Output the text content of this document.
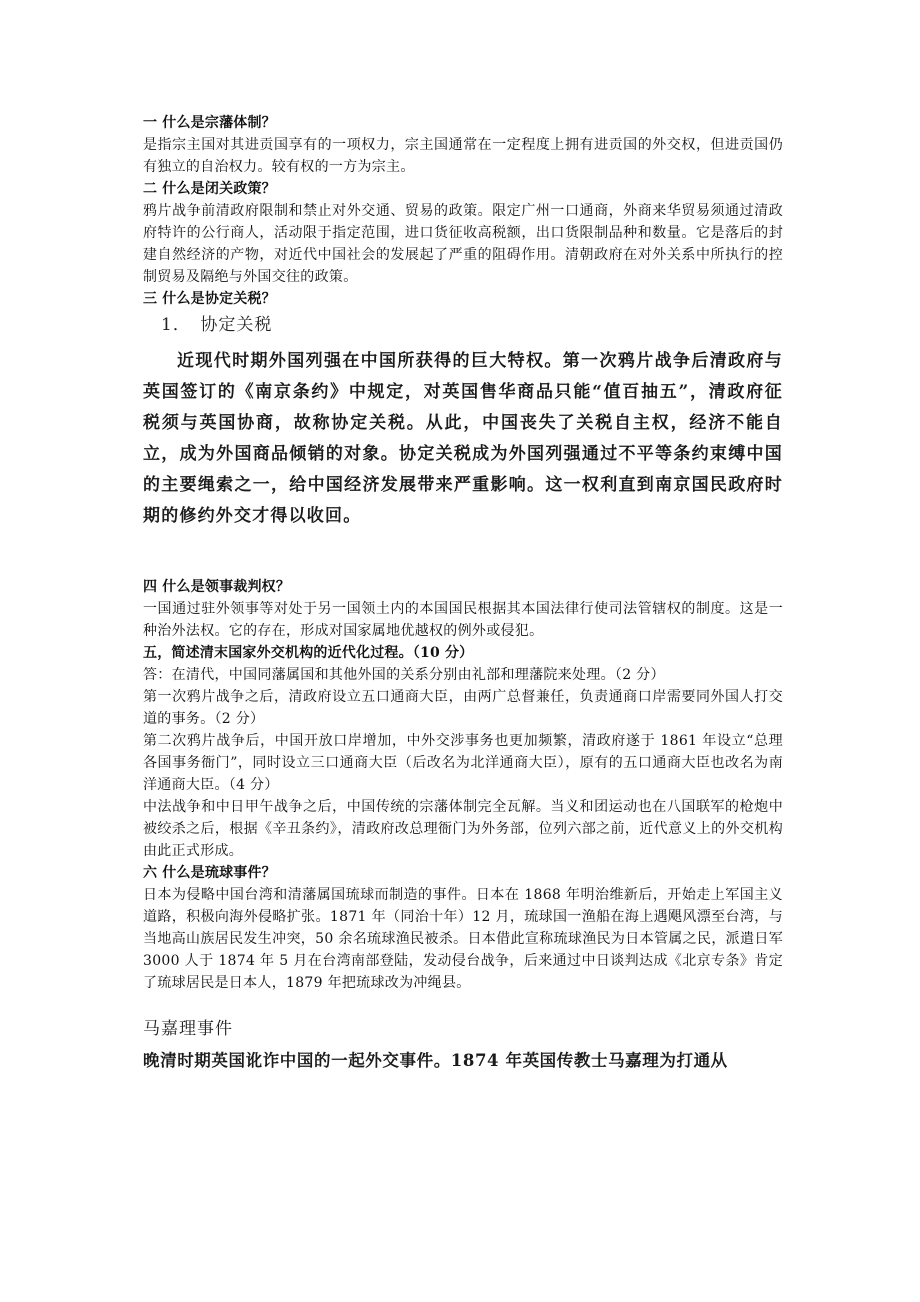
一 什么是宗藩体制？

是指宗主国对其进贡国享有的一项权力，宗主国通常在一定程度上拥有进贡国的外交权，但进贡国仍有独立的自治权力。较有权的一方为宗主。

二 什么是闭关政策？

鸦片战争前清政府限制和禁止对外交通、贸易的政策。限定广州一口通商，外商来华贸易须通过清政府特许的公行商人，活动限于指定范围，进口货征收高税额，出口货限制品种和数量。它是落后的封建自然经济的产物，对近代中国社会的发展起了严重的阻碍作用。清朝政府在对外关系中所执行的控制贸易及隔绝与外国交往的政策。

三 什么是协定关税？

1．　协定关税

近现代时期外国列强在中国所获得的巨大特权。第一次鸦片战争后清政府与英国签订的《南京条约》中规定，对英国售华商品只能“值百抽五”，清政府征税须与英国协商，故称协定关税。从此，中国丧失了关税自主权，经济不能自立，成为外国商品倾销的对象。协定关税成为外国列强通过不平等条约束缚中国的主要绳索之一，给中国经济发展带来严重影响。这一权利直到南京国民政府时期的修约外交才得以收回。

四 什么是领事裁判权？

一国通过驻外领事等对处于另一国领土内的本国国民根据其本国法律行使司法管辖权的制度。这是一种治外法权。它的存在，形成对国家属地优越权的例外或侵犯。

五，简述清末国家外交机构的近代化过程。（10 分）

答：在清代，中国同藩属国和其他外国的关系分别由礼部和理藩院来处理。（2 分）

第一次鸦片战争之后，清政府设立五口通商大臣，由两广总督兼任，负责通商口岸需要同外国人打交道的事务。（2 分）

第二次鸦片战争后，中国开放口岸增加，中外交涉事务也更加频繁，清政府遂于 1861 年设立“总理各国事务衙门”，同时设立三口通商大臣（后改名为北洋通商大臣），原有的五口通商大臣也改名为南洋通商大臣。（4 分）

中法战争和中日甲午战争之后，中国传统的宗藩体制完全瓦解。当义和团运动也在八国联军的枪炮中被绞杀之后，根据《辛丑条约》，清政府改总理衙门为外务部，位列六部之前，近代意义上的外交机构由此正式形成。

六 什么是琉球事件？

日本为侵略中国台湾和清藩属国琉球而制造的事件。日本在 1868 年明治维新后，开始走上军国主义道路，积极向海外侵略扩张。1871 年（同治十年）12 月，琉球国一渔船在海上遇飓风漂至台湾，与当地高山族居民发生冲突，50 余名琉球渔民被杀。日本借此宣称琉球渔民为日本管属之民，派遣日军 3000 人于 1874 年 5 月在台湾南部登陆，发动侵台战争，后来通过中日谈判达成《北京专条》肯定了琉球居民是日本人，1879 年把琉球改为冲绳县。

马嘉理事件

晚清时期英国讹诈中国的一起外交事件。1874 年英国传教士马嘉理为打通从
